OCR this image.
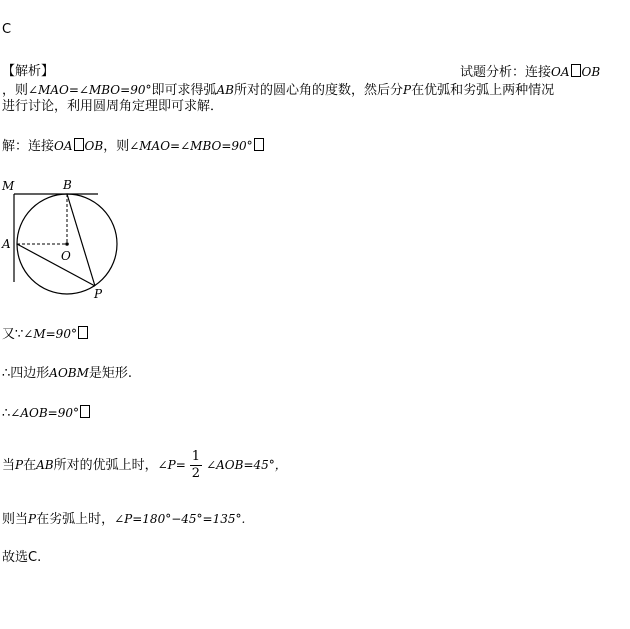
C
【解析】	试题分析：连接OA OB
，则∠MAO=∠MBO=90°即可求得弧AB所对的圆心角的度数，然后分P在优弧和劣弧上两种情况
进行讨论，利用圆周角定理即可求解．
解：连接OA OB，则∠MAO=∠MBO=90°
M	B
A
O
P
又∵∠M=90°
∴四边形AOBM是矩形.
∴∠AOB=90°
当P在AB所对的优弧上时，∠P= $\frac{1}{2}$ ∠AOB=45°，
则当P在劣弧上时，∠P=180°−45°=135°.
故选C.
